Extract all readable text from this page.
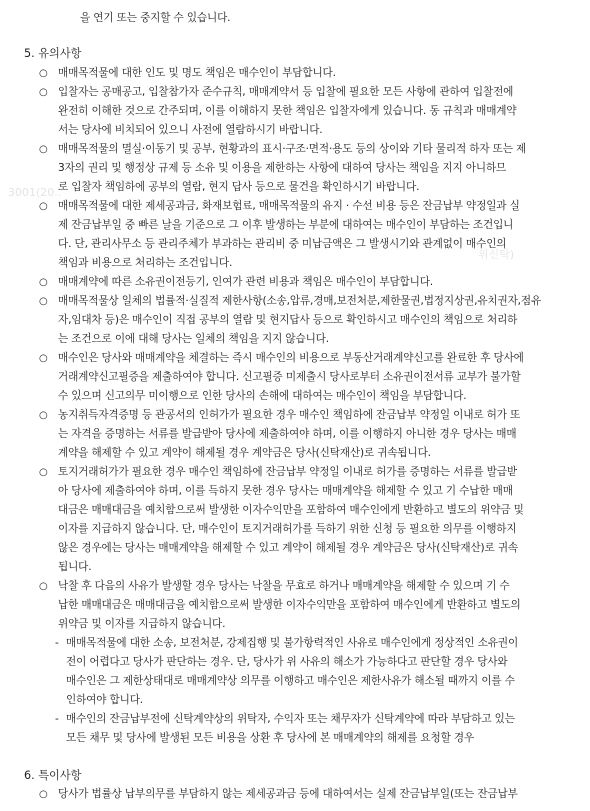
3001(20..
위신탁)
을 연기 또는 중지할 수 있습니다.
5. 유의사항
○ 매매목적물에 대한 인도 및 명도 책임은 매수인이 부담합니다.
○ 입찰자는 공매공고, 입찰참가자 준수규칙, 매매계약서 등 입찰에 필요한 모든 사항에 관하여 입찰전에
완전히 이해한 것으로 간주되며, 이를 이해하지 못한 책임은 입찰자에게 있습니다. 동 규칙과 매매계약
서는 당사에 비치되어 있으니 사전에 열람하시기 바랍니다.
○ 매매목적물의 멸실·이동기 및 공부, 현황과의 표시·구조·면적·용도 등의 상이와 기타 물리적 하자 또는 제
3자의 권리 및 행정상 규제 등 소유 및 이용을 제한하는 사항에 대하여 당사는 책임을 지지 아니하므
로 입찰자 책임하에 공부의 열람, 현지 답사 등으로 물건을 확인하시기 바랍니다.
○ 매매목적물에 대한 제세공과금, 화재보험료, 매매목적물의 유지 · 수선 비용 등은 잔금납부 약정일과 실
제 잔금납부일 중 빠른 날을 기준으로 그 이후 발생하는 부분에 대하여는 매수인이 부담하는 조건입니
다. 단, 관리사무소 등 관리주체가 부과하는 관리비 중 미납금액은 그 발생시기와 관계없이 매수인의
책임과 비용으로 처리하는 조건입니다.
○ 매매계약에 따른 소유권이전등기, 인여가 관련 비용과 책임은 매수인이 부담합니다.
○ 매매목적물상 일체의 법률적·실질적 제한사항(소송,압류,경매,보전처분,제한물권,법정지상권,유치권자,점유
자,임대차 등)은 매수인이 직접 공부의 열람 및 현지답사 등으로 확인하시고 매수인의 책임으로 처리하
는 조건으로 이에 대해 당사는 일체의 책임을 지지 않습니다.
○ 매수인은 당사와 매매계약을 체결하는 즉시 매수인의 비용으로 부동산거래계약신고를 완료한 후 당사에
거래계약신고필증을 제출하여야 합니다. 신고필증 미제출시 당사로부터 소유권이전서류 교부가 불가할
수 있으며 신고의무 미이행으로 인한 당사의 손해에 대하여는 매수인이 책임을 부담합니다.
○ 농지취득자격증명 등 관공서의 인허가가 필요한 경우 매수인 책임하에 잔금납부 약정일 이내로 허가 또
는 자격을 증명하는 서류를 발급받아 당사에 제출하여야 하며, 이를 이행하지 아니한 경우 당사는 매매
계약을 해제할 수 있고 계약이 해제될 경우 계약금은 당사(신탁재산)로 귀속됩니다.
○ 토지거래허가가 필요한 경우 매수인 책임하에 잔금납부 약정일 이내로 허가를 증명하는 서류를 발급받
아 당사에 제출하여야 하며, 이를 득하지 못한 경우 당사는 매매계약을 해제할 수 있고 기 수납한 매매
대금은 매매대금을 예치함으로써 발생한 이자수익만을 포함하여 매수인에게 반환하고 별도의 위약금 및
이자를 지급하지 않습니다. 단, 매수인이 토지거래허가를 득하기 위한 신청 등 필요한 의무를 이행하지
않은 경우에는 당사는 매매계약을 해제할 수 있고 계약이 해제될 경우 계약금은 당사(신탁재산)로 귀속
됩니다.
○ 낙찰 후 다음의 사유가 발생할 경우 당사는 낙찰을 무효로 하거나 매매계약을 해제할 수 있으며 기 수
납한 매매대금은 매매대금을 예치함으로써 발생한 이자수익만을 포함하여 매수인에게 반환하고 별도의
위약금 및 이자를 지급하지 않습니다.
- 매매목적물에 대한 소송, 보전처분, 강제집행 및 불가항력적인 사유로 매수인에게 정상적인 소유권이
전이 어렵다고 당사가 판단하는 경우. 단, 당사가 위 사유의 해소가 가능하다고 판단할 경우 당사와
매수인은 그 제한상태대로 매매계약상 의무를 이행하고 매수인은 제한사유가 해소될 때까지 이를 수
인하여야 합니다.
- 매수인의 잔금납부전에 신탁계약상의 위탁자, 수익자 또는 채무자가 신탁계약에 따라 부담하고 있는
모든 채무 및 당사에 발생된 모든 비용을 상환 후 당사에 본 매매계약의 해제를 요청할 경우
6. 특이사항
○ 당사가 법률상 납부의무를 부담하지 않는 제세공과금 등에 대하여서는 실제 잔금납부일(또는 잔금납부
